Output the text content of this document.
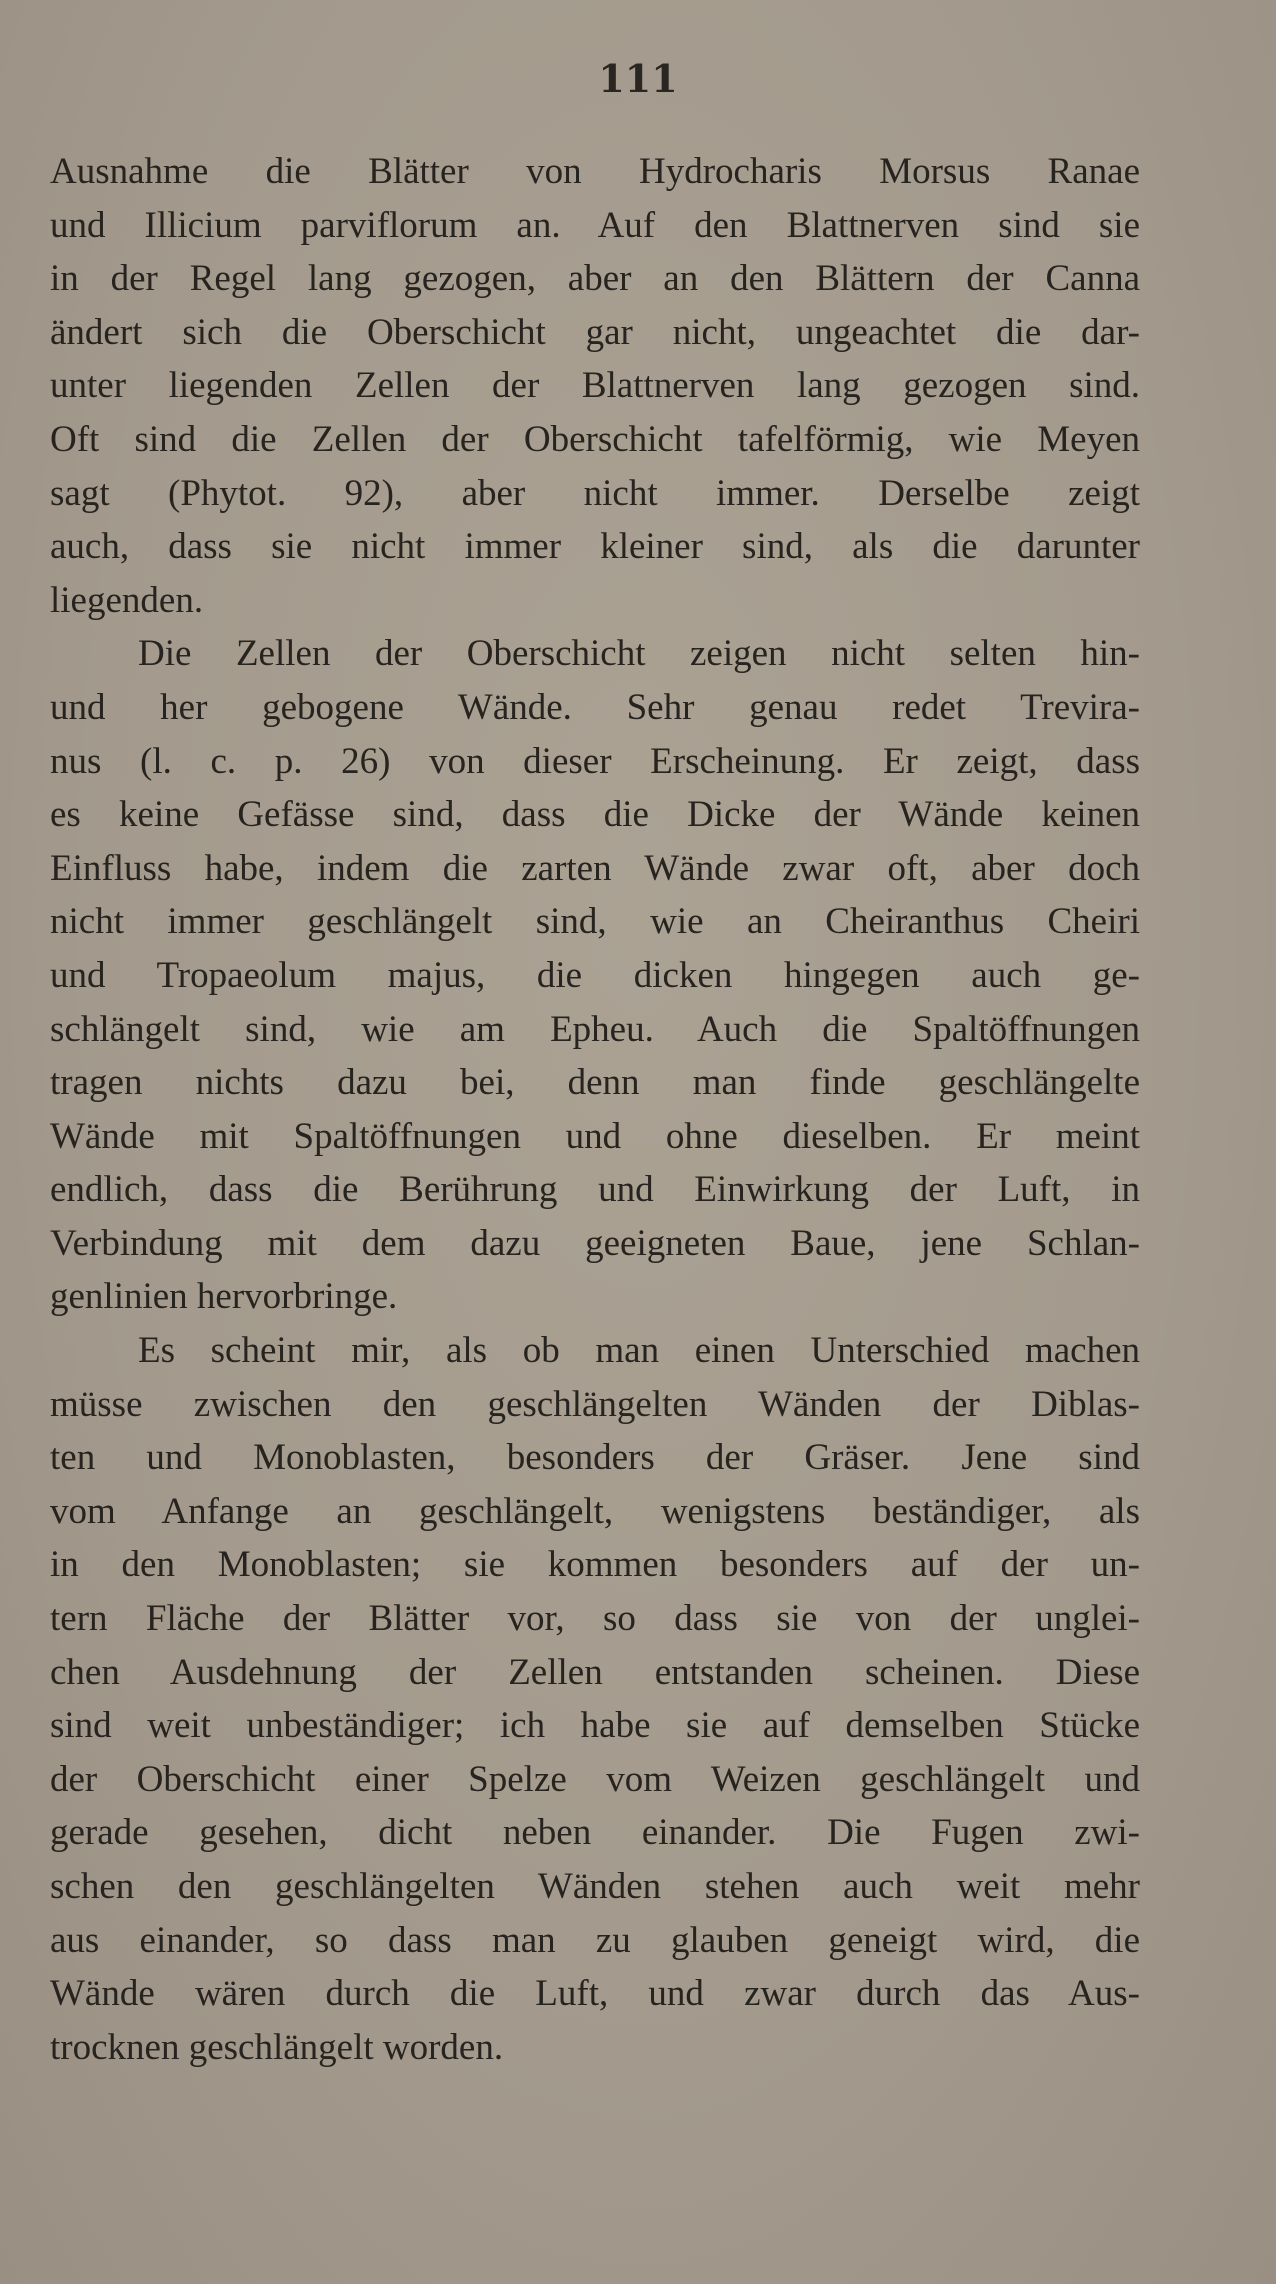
111
Ausnahme die Blätter von Hydrocharis Morsus Ranae
und Illicium parviflorum an. Auf den Blattnerven sind sie
in der Regel lang gezogen, aber an den Blättern der Canna
ändert sich die Oberschicht gar nicht, ungeachtet die dar-
unter liegenden Zellen der Blattnerven lang gezogen sind.
Oft sind die Zellen der Oberschicht tafelförmig, wie Meyen
sagt (Phytot. 92), aber nicht immer. Derselbe zeigt
auch, dass sie nicht immer kleiner sind, als die darunter
liegenden.
Die Zellen der Oberschicht zeigen nicht selten hin-
und her gebogene Wände. Sehr genau redet Trevira-
nus (l. c. p. 26) von dieser Erscheinung. Er zeigt, dass
es keine Gefässe sind, dass die Dicke der Wände keinen
Einfluss habe, indem die zarten Wände zwar oft, aber doch
nicht immer geschlängelt sind, wie an Cheiranthus Cheiri
und Tropaeolum majus, die dicken hingegen auch ge-
schlängelt sind, wie am Epheu. Auch die Spaltöffnungen
tragen nichts dazu bei, denn man finde geschlängelte
Wände mit Spaltöffnungen und ohne dieselben. Er meint
endlich, dass die Berührung und Einwirkung der Luft, in
Verbindung mit dem dazu geeigneten Baue, jene Schlan-
genlinien hervorbringe.
Es scheint mir, als ob man einen Unterschied machen
müsse zwischen den geschlängelten Wänden der Diblas-
ten und Monoblasten, besonders der Gräser. Jene sind
vom Anfange an geschlängelt, wenigstens beständiger, als
in den Monoblasten; sie kommen besonders auf der un-
tern Fläche der Blätter vor, so dass sie von der unglei-
chen Ausdehnung der Zellen entstanden scheinen. Diese
sind weit unbeständiger; ich habe sie auf demselben Stücke
der Oberschicht einer Spelze vom Weizen geschlängelt und
gerade gesehen, dicht neben einander. Die Fugen zwi-
schen den geschlängelten Wänden stehen auch weit mehr
aus einander, so dass man zu glauben geneigt wird, die
Wände wären durch die Luft, und zwar durch das Aus-
trocknen geschlängelt worden.
